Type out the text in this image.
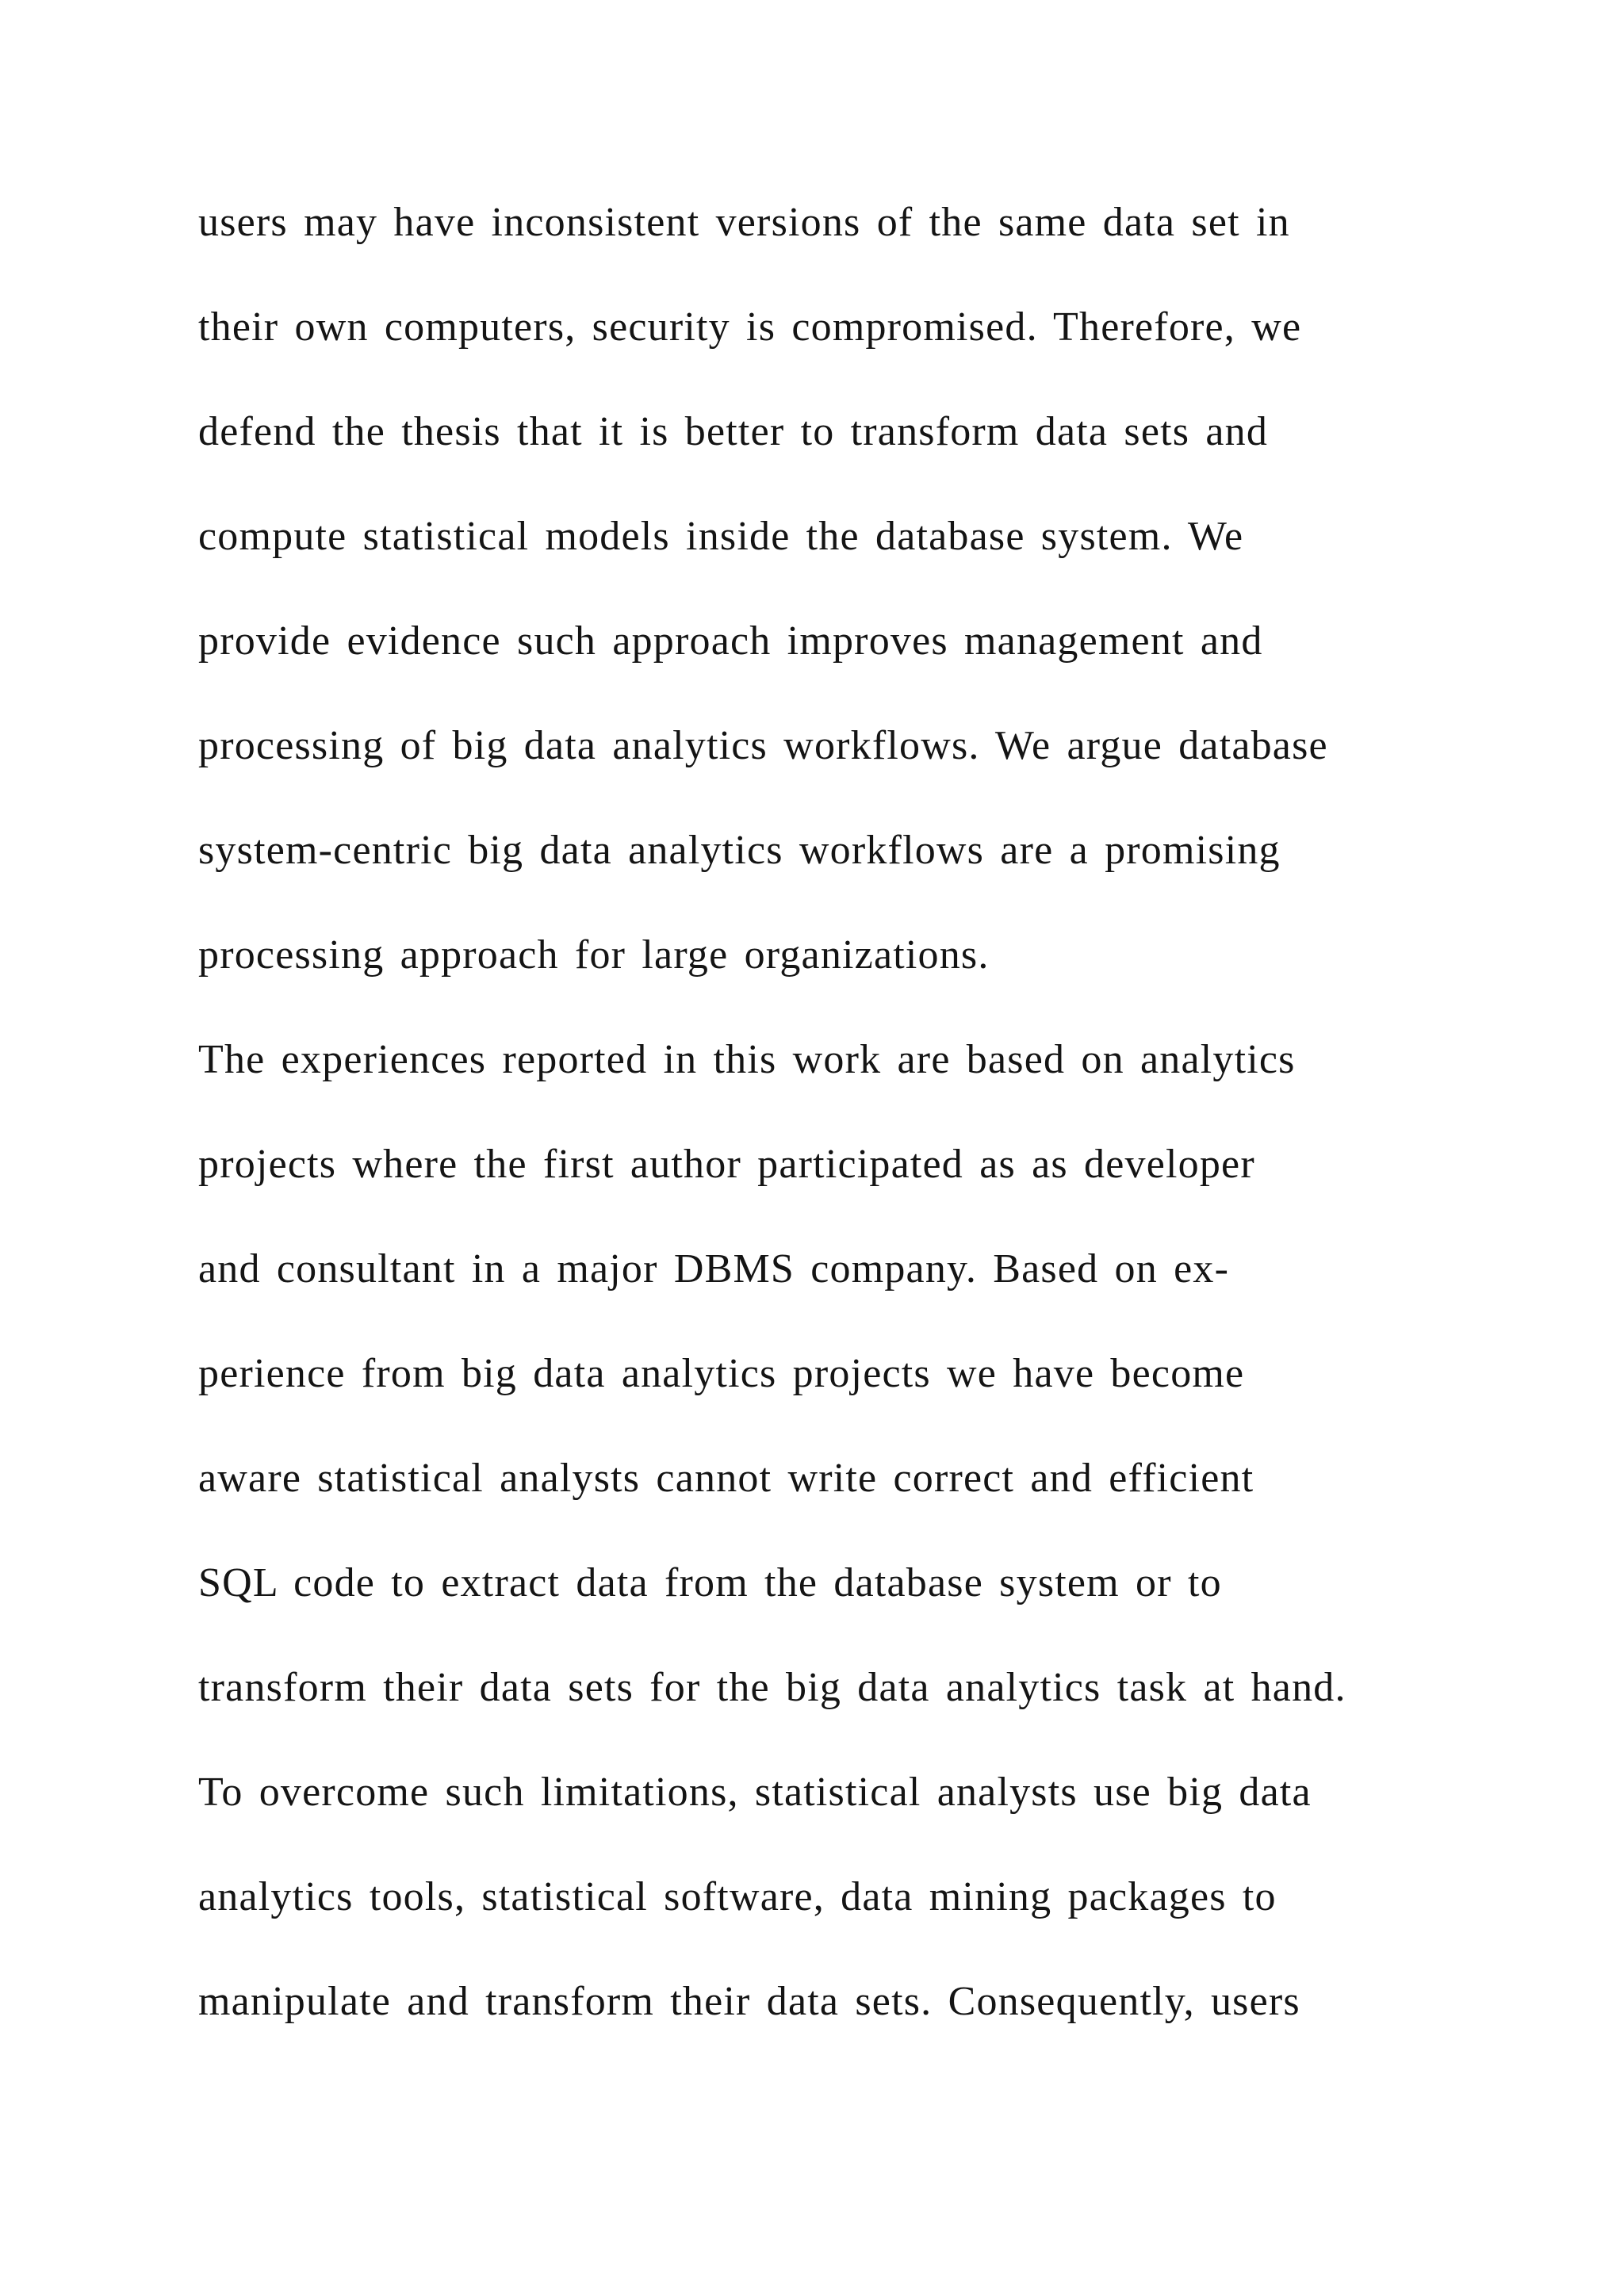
users may have inconsistent versions of the same data set in
their own computers, security is compromised. Therefore, we
defend the thesis that it is better to transform data sets and
compute statistical models inside the database system. We
provide evidence such approach improves management and
processing of big data analytics workflows. We argue database
system-centric big data analytics workflows are a promising
processing approach for large organizations.
The experiences reported in this work are based on analytics
projects where the first author participated as as developer
and consultant in a major DBMS company. Based on ex-
perience from big data analytics projects we have become
aware statistical analysts cannot write correct and efficient
SQL code to extract data from the database system or to
transform their data sets for the big data analytics task at hand.
To overcome such limitations, statistical analysts use big data
analytics tools, statistical software, data mining packages to
manipulate and transform their data sets. Consequently, users
